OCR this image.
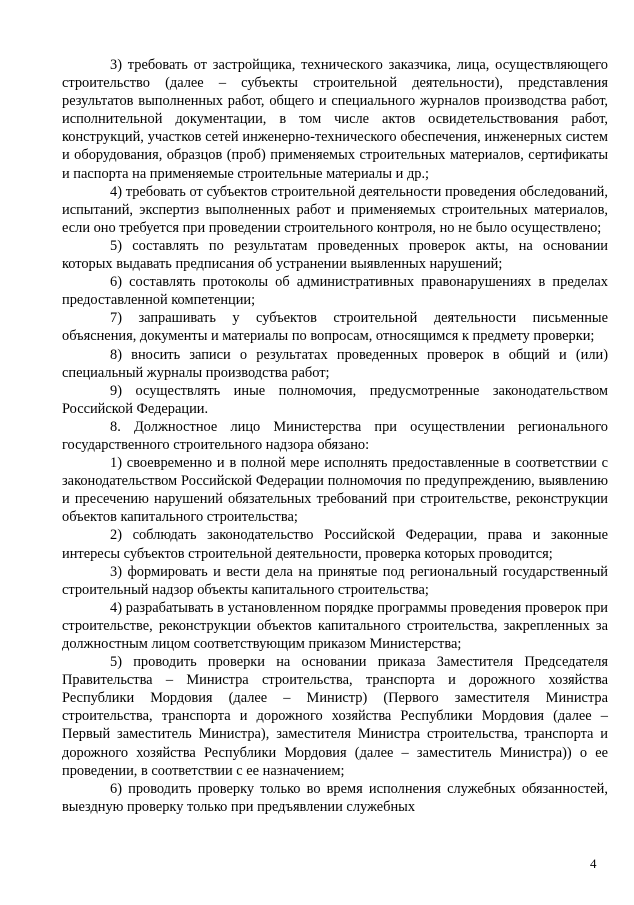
3) требовать от застройщика, технического заказчика, лица, осуществляющего строительство (далее – субъекты строительной деятельности), представления результатов выполненных работ, общего и специального журналов производства работ, исполнительной документации, в том числе актов освидетельствования работ, конструкций, участков сетей инженерно-технического обеспечения, инженерных систем и оборудования, образцов (проб) применяемых строительных материалов, сертификаты и паспорта на применяемые строительные материалы и др.;

4) требовать от субъектов строительной деятельности проведения обследований, испытаний, экспертиз выполненных работ и применяемых строительных материалов, если оно требуется при проведении строительного контроля, но не было осуществлено;

5) составлять по результатам проведенных проверок акты, на основании которых выдавать предписания об устранении выявленных нарушений;

6) составлять протоколы об административных правонарушениях в пределах предоставленной компетенции;

7) запрашивать у субъектов строительной деятельности письменные объяснения, документы и материалы по вопросам, относящимся к предмету проверки;

8) вносить записи о результатах проведенных проверок в общий и (или) специальный журналы производства работ;

9) осуществлять иные полномочия, предусмотренные законодательством Российской Федерации.

8. Должностное лицо Министерства при осуществлении регионального государственного строительного надзора обязано:

1) своевременно и в полной мере исполнять предоставленные в соответствии с законодательством Российской Федерации полномочия по предупреждению, выявлению и пресечению нарушений обязательных требований при строительстве, реконструкции объектов капитального строительства;

2) соблюдать законодательство Российской Федерации, права и законные интересы субъектов строительной деятельности, проверка которых проводится;

3) формировать и вести дела на принятые под региональный государственный строительный надзор объекты капитального строительства;

4) разрабатывать в установленном порядке программы проведения проверок при строительстве, реконструкции объектов капитального строительства, закрепленных за должностным лицом соответствующим приказом Министерства;

5) проводить проверки на основании приказа Заместителя Председателя Правительства – Министра строительства, транспорта и дорожного хозяйства Республики Мордовия (далее – Министр) (Первого заместителя Министра строительства, транспорта и дорожного хозяйства Республики Мордовия (далее – Первый заместитель Министра), заместителя Министра строительства, транспорта и дорожного хозяйства Республики Мордовия (далее – заместитель Министра)) о ее проведении, в соответствии с ее назначением;

6) проводить проверку только во время исполнения служебных обязанностей, выездную проверку только при предъявлении служебных

4
